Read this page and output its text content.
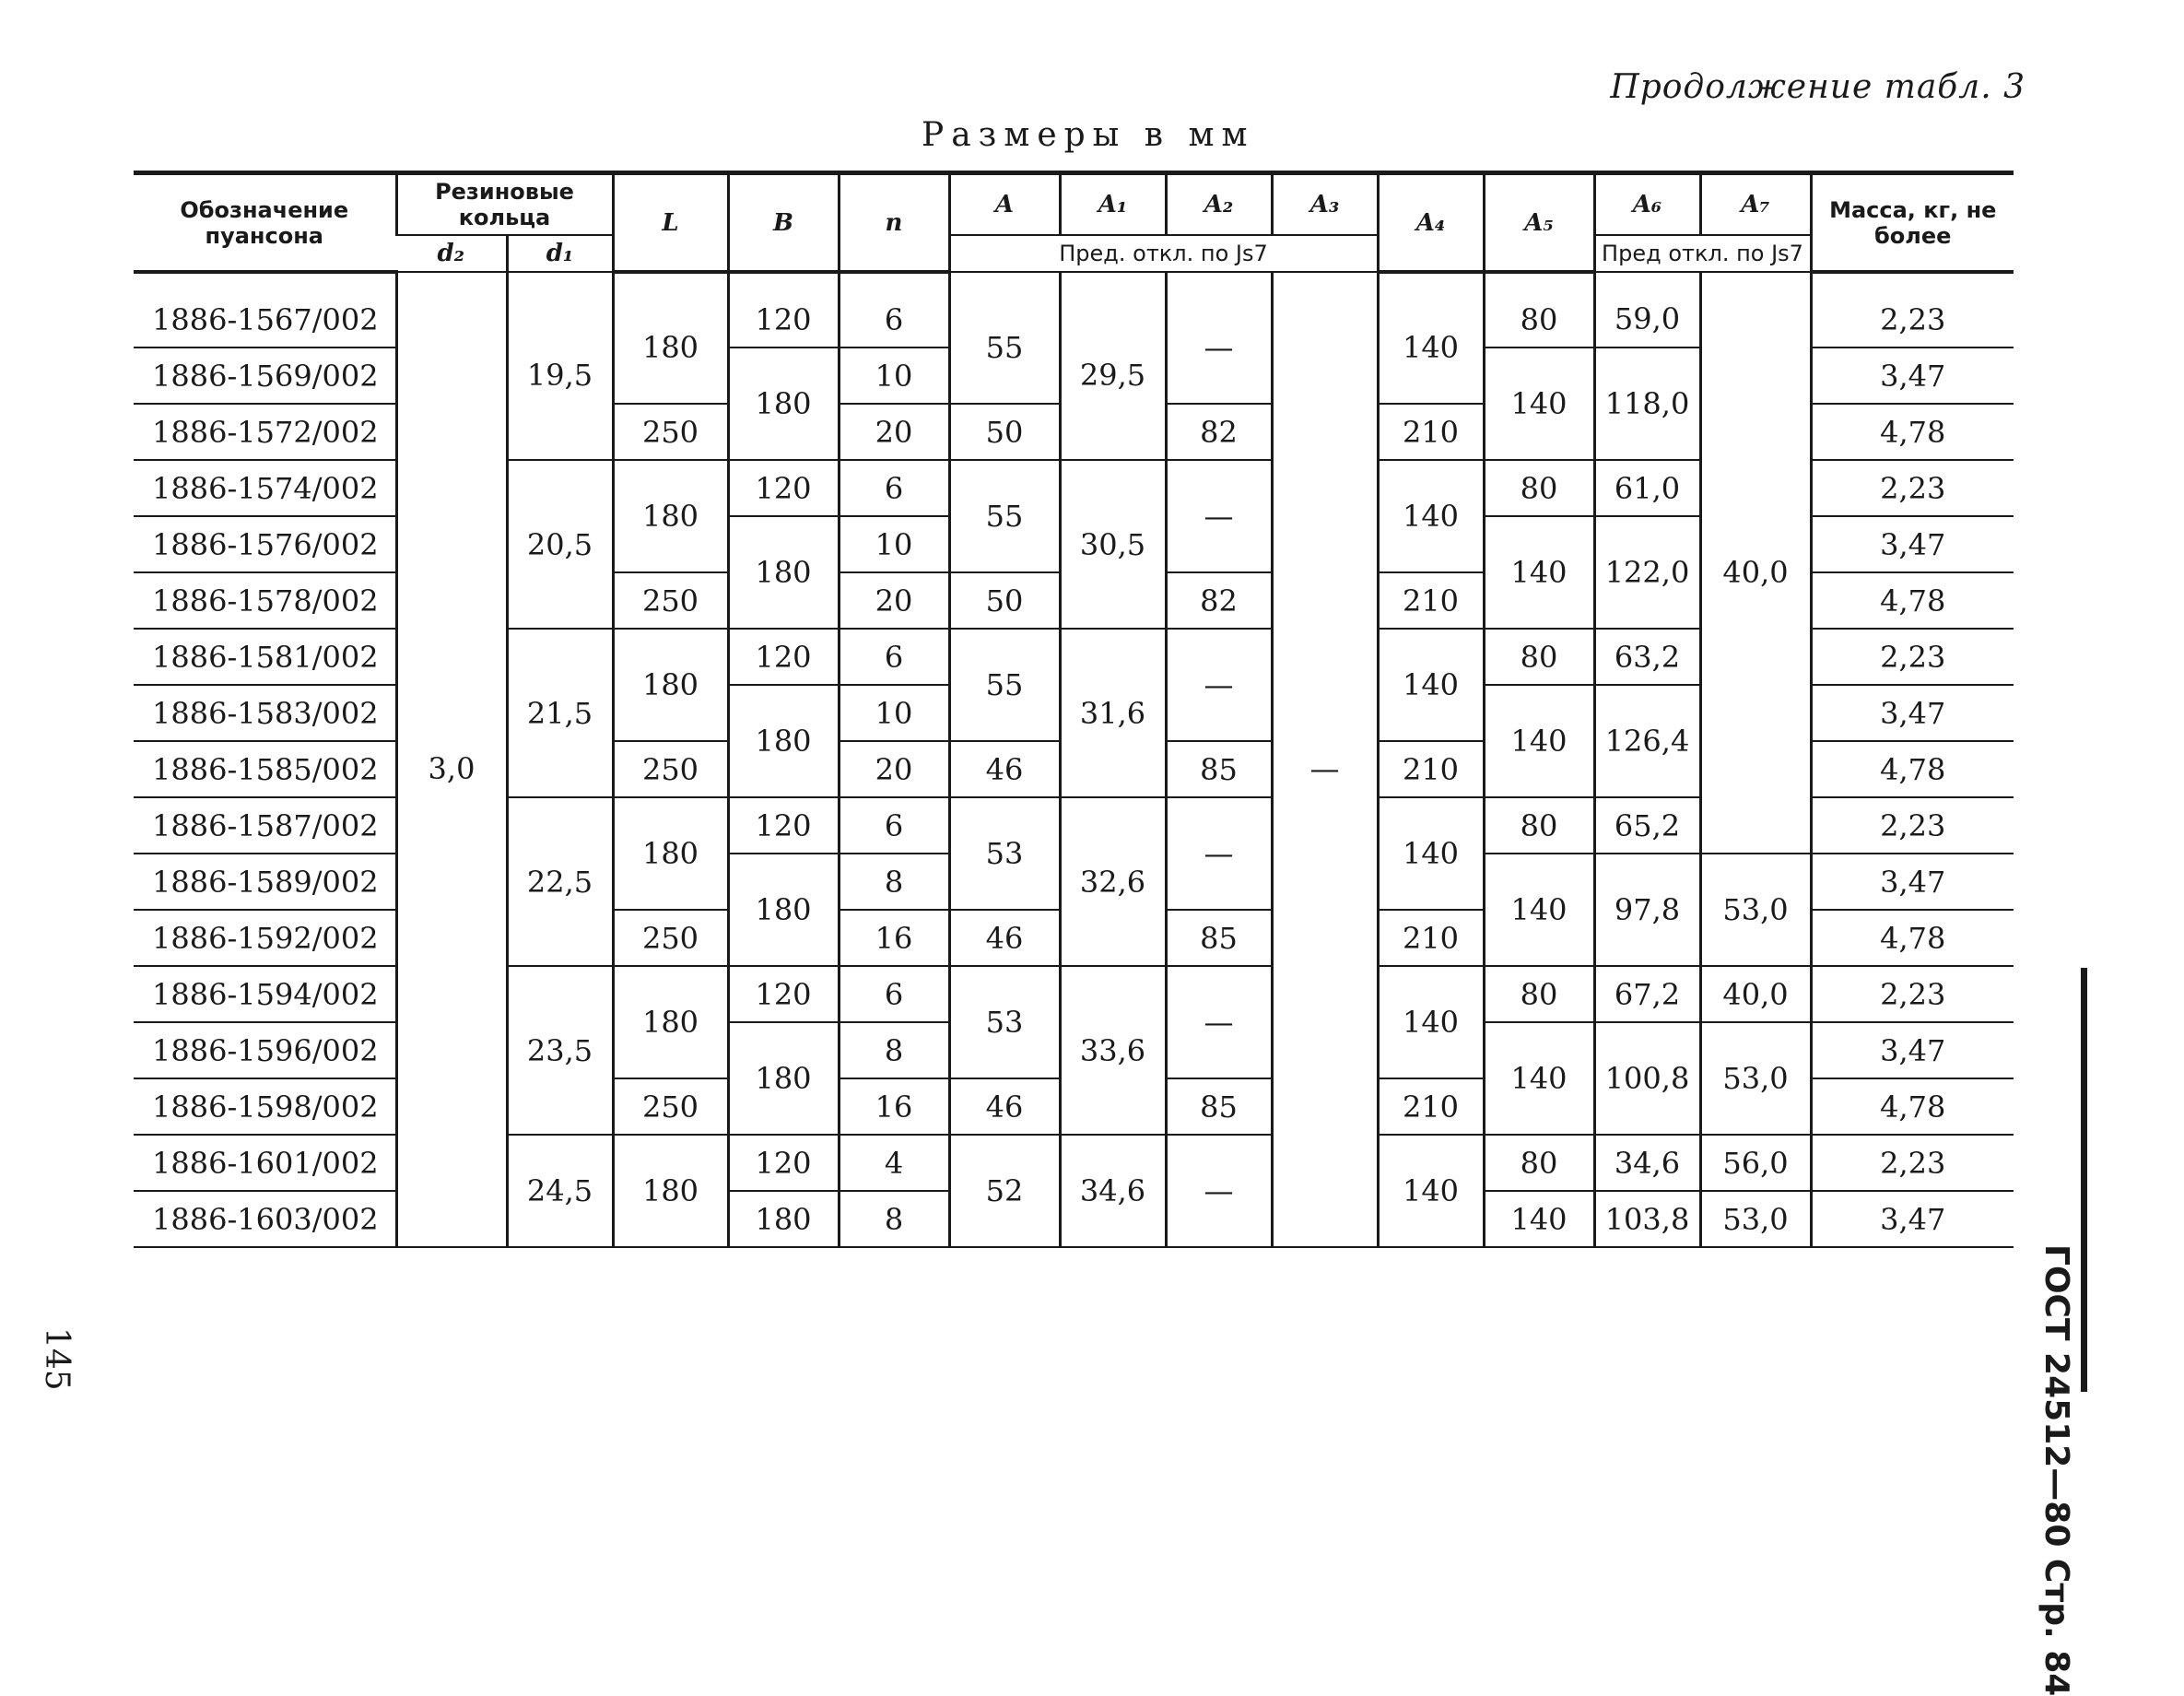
Продолжение табл. 3
Размеры в мм
Обозначение пуансона	Резиновые кольца		L	B	n	A	A₁	A₂	A₃	A₄	A₅	A₆	A₇	Масса, кг, не более
	d₂	d₁				Пред. откл. по Js7						Пред откл. по Js7		

1886-1567/002	3,0	19,5	180	120	6	55	29,5	—	—	140	80	59,0	40,0	2,23
1886-1569/002				180	10						140	118,0		3,47
1886-1572/002			250		20	50		82		210				4,78
1886-1574/002		20,5	180	120	6	55	30,5	—		140	80	61,0		2,23
1886-1576/002				180	10						140	122,0		3,47
1886-1578/002			250		20	50		82		210				4,78
1886-1581/002		21,5	180	120	6	55	31,6	—		140	80	63,2		2,23
1886-1583/002				180	10						140	126,4		3,47
1886-1585/002			250		20	46		85		210				4,78
1886-1587/002		22,5	180	120	6	53	32,6	—		140	80	65,2		2,23
1886-1589/002				180	8						140	97,8	53,0	3,47
1886-1592/002			250		16	46		85		210				4,78
1886-1594/002		23,5	180	120	6	53	33,6	—		140	80	67,2	40,0	2,23
1886-1596/002				180	8						140	100,8	53,0	3,47
1886-1598/002			250		16	46		85		210				4,78
1886-1601/002		24,5	180	120	4	52	34,6	—		140	80	34,6	56,0	2,23
1886-1603/002				180	8						140	103,8	53,0	3,47
ГОСТ 24512—80 Стр. 84
145
